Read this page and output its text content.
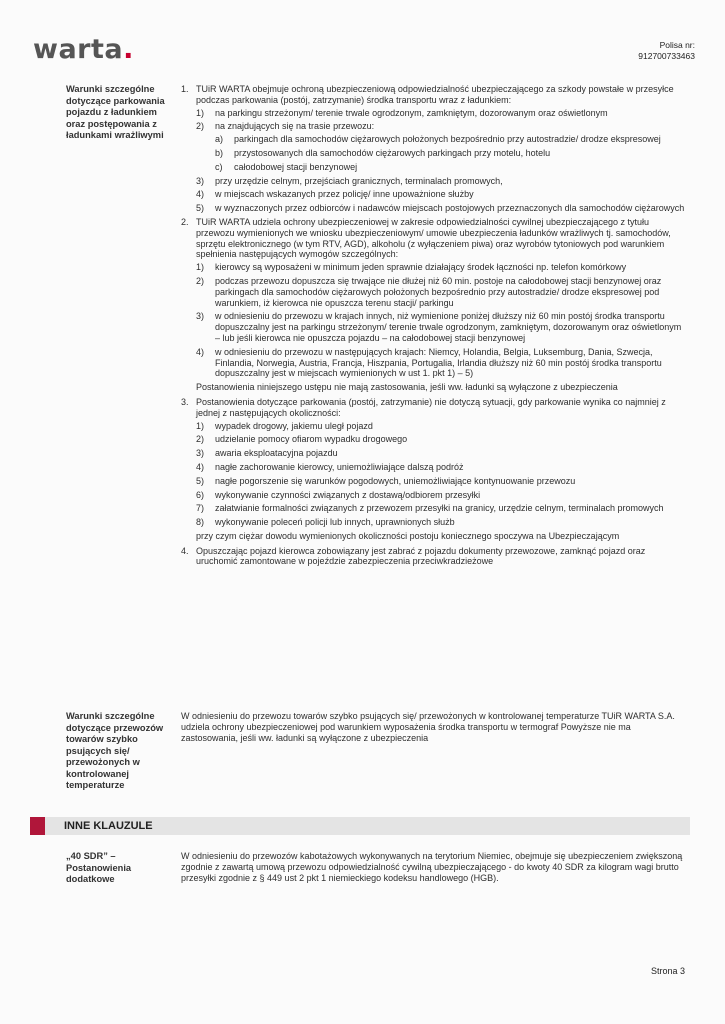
warta.	Polisa nr:
912700733463
Warunki szczególne dotyczące parkowania pojazdu z ładunkiem oraz postępowania z ładunkami wrażliwymi
1. TUiR WARTA obejmuje ochroną ubezpieczeniową odpowiedzialność ubezpieczającego za szkody powstałe w przesyłce podczas parkowania (postój, zatrzymanie) środka transportu wraz z ładunkiem:
1) na parkingu strzeżonym/ terenie trwale ogrodzonym, zamkniętym, dozorowanym oraz oświetlonym
2) na znajdujących się na trasie przewozu:
a) parkingach dla samochodów ciężarowych położonych bezpośrednio przy autostradzie/ drodze ekspresowej
b) przystosowanych dla samochodów ciężarowych parkingach przy motelu, hotelu
c) całodobowej stacji benzynowej
3) przy urzędzie celnym, przejściach granicznych, terminalach promowych,
4) w miejscach wskazanych przez policję/ inne upoważnione służby
5) w wyznaczonych przez odbiorców i nadawców miejscach postojowych przeznaczonych dla samochodów ciężarowych
2. TUiR WARTA udziela ochrony ubezpieczeniowej w zakresie odpowiedzialności cywilnej ubezpieczającego z tytułu przewozu wymienionych we wniosku ubezpieczeniowym/ umowie ubezpieczenia ładunków wrażliwych tj. samochodów, sprzętu elektronicznego (w tym RTV, AGD), alkoholu (z wyłączeniem piwa) oraz wyrobów tytoniowych pod warunkiem spełnienia następujących wymogów szczególnych:
1) kierowcy są wyposażeni w minimum jeden sprawnie działający środek łączności np. telefon komórkowy
2) podczas przewozu dopuszcza się trwające nie dłużej niż 60 min. postoje na całodobowej stacji benzynowej oraz parkingach dla samochodów ciężarowych położonych bezpośrednio przy autostradzie/ drodze ekspresowej pod warunkiem, iż kierowca nie opuszcza terenu stacji/ parkingu
3) w odniesieniu do przewozu w krajach innych, niż wymienione poniżej dłuższy niż 60 min postój środka transportu dopuszczalny jest na parkingu strzeżonym/ terenie trwale ogrodzonym, zamkniętym, dozorowanym oraz oświetlonym – lub jeśli kierowca nie opuszcza pojazdu – na całodobowej stacji benzynowej
4) w odniesieniu do przewozu w następujących krajach: Niemcy, Holandia, Belgia, Luksemburg, Dania, Szwecja, Finlandia, Norwegia, Austria, Francja, Hiszpania, Portugalia, Irlandia dłuższy niż 60 min postój środka transportu dopuszczalny jest w miejscach wymienionych w ust 1. pkt 1) – 5)
Postanowienia niniejszego ustępu nie mają zastosowania, jeśli ww. ładunki są wyłączone z ubezpieczenia
3. Postanowienia dotyczące parkowania (postój, zatrzymanie) nie dotyczą sytuacji, gdy parkowanie wynika co najmniej z jednej z następujących okoliczności:
1) wypadek drogowy, jakiemu uległ pojazd
2) udzielanie pomocy ofiarom wypadku drogowego
3) awaria eksploatacyjna pojazdu
4) nagłe zachorowanie kierowcy, uniemożliwiające dalszą podróż
5) nagłe pogorszenie się warunków pogodowych, uniemożliwiające kontynuowanie przewozu
6) wykonywanie czynności związanych z dostawą/odbiorem przesyłki
7) załatwianie formalności związanych z przewozem przesyłki na granicy, urzędzie celnym, terminalach promowych
8) wykonywanie poleceń policji lub innych, uprawnionych służb
przy czym ciężar dowodu wymienionych okoliczności postoju koniecznego spoczywa na Ubezpieczającym
4. Opuszczając pojazd kierowca zobowiązany jest zabrać z pojazdu dokumenty przewozowe, zamknąć pojazd oraz uruchomić zamontowane w pojeździe zabezpieczenia przeciwkradzieżowe
Warunki szczególne dotyczące przewozów towarów szybko psujących się/ przewożonych w kontrolowanej temperaturze
W odniesieniu do przewozu towarów szybko psujących się/ przewożonych w kontrolowanej temperaturze TUiR WARTA S.A. udziela ochrony ubezpieczeniowej pod warunkiem wyposażenia środka transportu w termograf Powyższe nie ma zastosowania, jeśli ww. ładunki są wyłączone z ubezpieczenia
INNE KLAUZULE
„40 SDR” – Postanowienia dodatkowe
W odniesieniu do przewozów kabotażowych wykonywanych na terytorium Niemiec, obejmuje się ubezpieczeniem zwiększoną zgodnie z zawartą umową przewozu odpowiedzialność cywilną ubezpieczającego - do kwoty 40 SDR za kilogram wagi brutto przesyłki zgodnie z § 449 ust 2 pkt 1 niemieckiego kodeksu handlowego (HGB).
Strona 3
